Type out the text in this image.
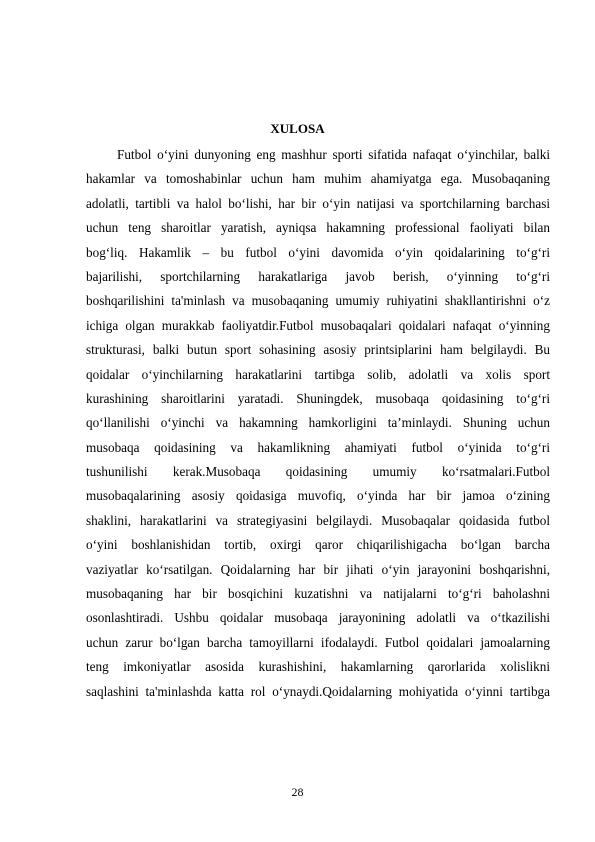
XULOSA
Futbol o‘yini dunyoning eng mashhur sporti sifatida nafaqat o‘yinchilar, balki
hakamlar va tomoshabinlar uchun ham muhim ahamiyatga ega. Musobaqaning
adolatli, tartibli va halol bo‘lishi, har bir o‘yin natijasi va sportchilarning barchasi
uchun teng sharoitlar yaratish, ayniqsa hakamning professional faoliyati bilan
bog‘liq. Hakamlik – bu futbol o‘yini davomida o‘yin qoidalarining to‘g‘ri
bajarilishi, sportchilarning harakatlariga javob berish, o‘yinning to‘g‘ri
boshqarilishini ta'minlash va musobaqaning umumiy ruhiyatini shakllantirishni o‘z
ichiga olgan murakkab faoliyatdir.Futbol musobaqalari qoidalari nafaqat o‘yinning
strukturasi, balki butun sport sohasining asosiy printsiplarini ham belgilaydi. Bu
qoidalar o‘yinchilarning harakatlarini tartibga solib, adolatli va xolis sport
kurashining sharoitlarini yaratadi. Shuningdek, musobaqa qoidasining to‘g‘ri
qo‘llanilishi o‘yinchi va hakamning hamkorligini ta’minlaydi. Shuning uchun
musobaqa qoidasining va hakamlikning ahamiyati futbol o‘yinida to‘g‘ri
tushunilishi kerak.Musobaqa qoidasining umumiy ko‘rsatmalari.Futbol
musobaqalarining asosiy qoidasiga muvofiq, o‘yinda har bir jamoa o‘zining
shaklini, harakatlarini va strategiyasini belgilaydi. Musobaqalar qoidasida futbol
o‘yini boshlanishidan tortib, oxirgi qaror chiqarilishigacha bo‘lgan barcha
vaziyatlar ko‘rsatilgan. Qoidalarning har bir jihati o‘yin jarayonini boshqarishni,
musobaqaning har bir bosqichini kuzatishni va natijalarni to‘g‘ri baholashni
osonlashtiradi. Ushbu qoidalar musobaqa jarayonining adolatli va o‘tkazilishi
uchun zarur bo‘lgan barcha tamoyillarni ifodalaydi. Futbol qoidalari jamoalarning
teng imkoniyatlar asosida kurashishini, hakamlarning qarorlarida xolislikni
saqlashini ta'minlashda katta rol o‘ynaydi.Qoidalarning mohiyatida o‘yinni tartibga
28
